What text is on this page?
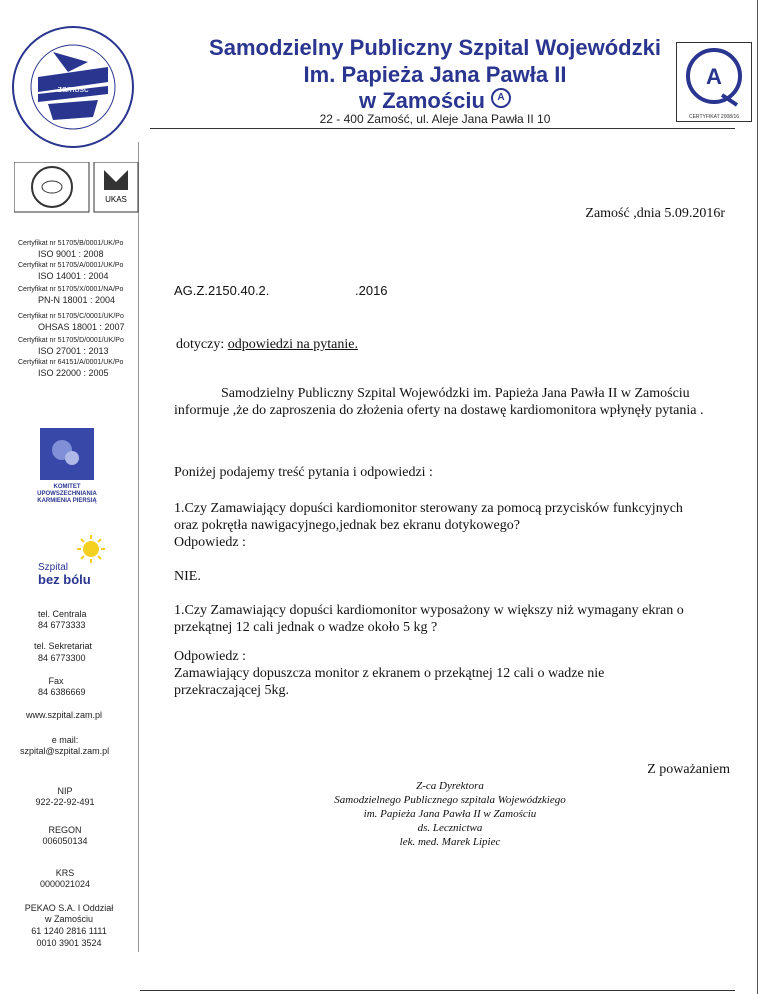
zamość
Samodzielny Publiczny Szpital Wojewódzki
Im. Papieża Jana Pawła II
w Zamościu A
22 - 400 Zamość, ul. Aleje Jana Pawła II 10
A
CERTYFIKAT 2008/16
UKAS
Certyfikat nr 51705/B/0001/UK/Po
ISO 9001 : 2008
Certyfikat nr 51705/A/0001/UK/Po
ISO 14001 : 2004
Certyfikat nr 51705/X/0001/NA/Po
PN-N 18001 : 2004
Certyfikat nr 51705/C/0001/UK/Po
OHSAS 18001 : 2007
Certyfikat nr 51705/D/0001/UK/Po
ISO 27001 : 2013
Certyfikat nr 64151/A/0001/UK/Po
ISO 22000 : 2005
KOMITET UPOWSZECHNIANIA KARMIENIA PIERSIĄ
Szpital
bez bólu
tel. Centrala
84 6773333
tel. Sekretariat
84 6773300
Fax
84 6386669
www.szpital.zam.pl
e mail:
szpital@szpital.zam.pl
NIP
922-22-92-491
REGON
006050134
KRS
0000021024
PEKAO S.A. I Oddział
w Zamościu
61 1240 2816 1111
0010 3901 3524
Zamość ,dnia 5.09.2016r
AG.Z.2150.40.2.	.2016
dotyczy: odpowiedzi na pytanie.
Samodzielny Publiczny Szpital Wojewódzki im. Papieża Jana Pawła II w Zamościu informuje ,że do zaproszenia do złożenia oferty na dostawę kardiomonitora wpłynęły pytania .
Poniżej podajemy treść pytania i odpowiedzi :
1.Czy Zamawiający dopuści kardiomonitor sterowany za pomocą przycisków funkcyjnych oraz pokrętła nawigacyjnego,jednak bez ekranu dotykowego?
Odpowiedz :
NIE.
1.Czy Zamawiający dopuści kardiomonitor wyposażony w większy niż wymagany ekran o przekątnej 12 cali jednak o wadze około 5 kg ?
Odpowiedz :
Zamawiający dopuszcza monitor z ekranem o przekątnej 12 cali o wadze nie przekraczającej 5kg.
Z poważaniem
Z-ca Dyrektora
Samodzielnego Publicznego szpitala Wojewódzkiego
im. Papieża Jana Pawła II w Zamościu
ds. Lecznictwa
lek. med. Marek Lipiec
